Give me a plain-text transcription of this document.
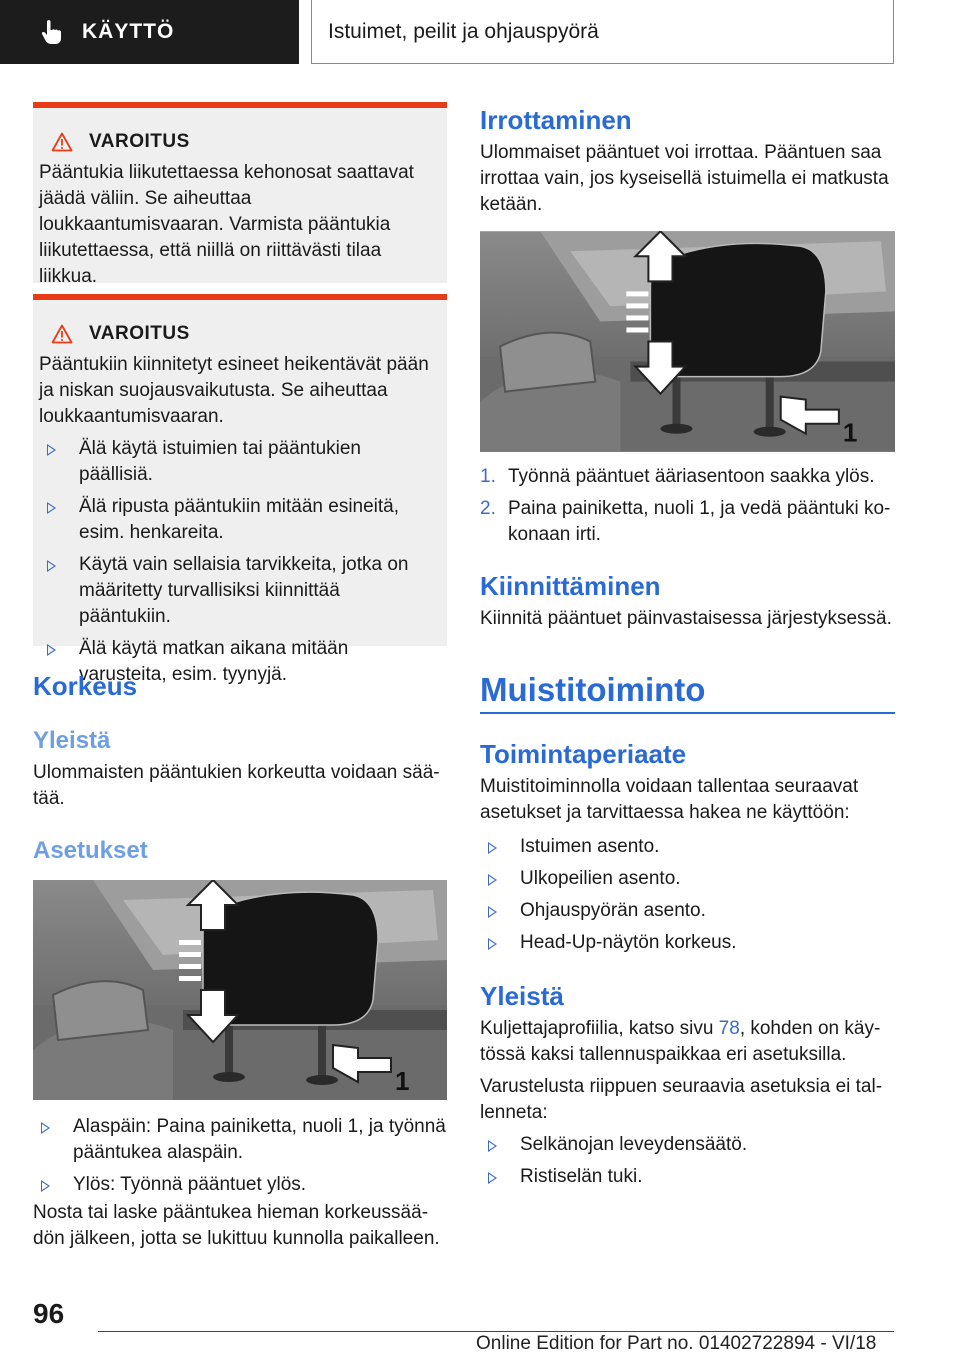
KÄYTTÖ	Istuimet, peilit ja ohjauspyörä
VAROITUS

Pääntukia liikutettaessa kehonosat saattavat jäädä väliin. Se aiheuttaa loukkaantumisvaaran. Varmista pääntukia liikutettaessa, että niillä on riittävästi tilaa liikkua.

VAROITUS

Pääntukiin kiinnitetyt esineet heikentävät pään ja niskan suojausvaikutusta. Se aiheuttaa loukkaantumisvaaran.

Älä käytä istuimien tai pääntukien päällisiä.
Älä ripusta pääntukiin mitään esineitä, esim. henkareita.
Käytä vain sellaisia tarvikkeita, jotka on määritetty turvallisiksi kiinnittää pääntukiin.
Älä käytä matkan aikana mitään varusteita, esim. tyynyjä.
Korkeus
Yleistä

Ulommaisten pääntukien korkeutta voidaan säätää.

Asetukset
1
Alaspäin: Paina painiketta, nuoli 1, ja työnnä pääntukea alaspäin.
Ylös: Työnnä pääntuet ylös.

Nosta tai laske pääntukea hieman korkeussäädön jälkeen, jotta se lukittuu kunnolla paikalleen.

Irrottaminen

Ulommaiset pääntuet voi irrottaa. Pääntuen saa irrottaa vain, jos kyseisellä istuimella ei matkusta ketään.

1
1. Työnnä pääntuet ääriasentoon saakka ylös.
2. Paina painiketta, nuoli 1, ja vedä pääntuki kokonaan irti.
Kiinnittäminen

Kiinnitä pääntuet päinvastaisessa järjestyksessä.

Muistitoiminto
Toimintaperiaate

Muistitoiminnolla voidaan tallentaa seuraavat asetukset ja tarvittaessa hakea ne käyttöön:

Istuimen asento.
Ulkopeilien asento.
Ohjauspyörän asento.
Head-Up-näytön korkeus.
Yleistä

Kuljettajaprofiilia, katso sivu 78, kohden on käytössä kaksi tallennuspaikkaa eri asetuksilla.

Varustelusta riippuen seuraavia asetuksia ei tallenneta:

Selkänojan leveydensäätö.
Ristiselän tuki.
96
Online Edition for Part no. 01402722894 - VI/18
